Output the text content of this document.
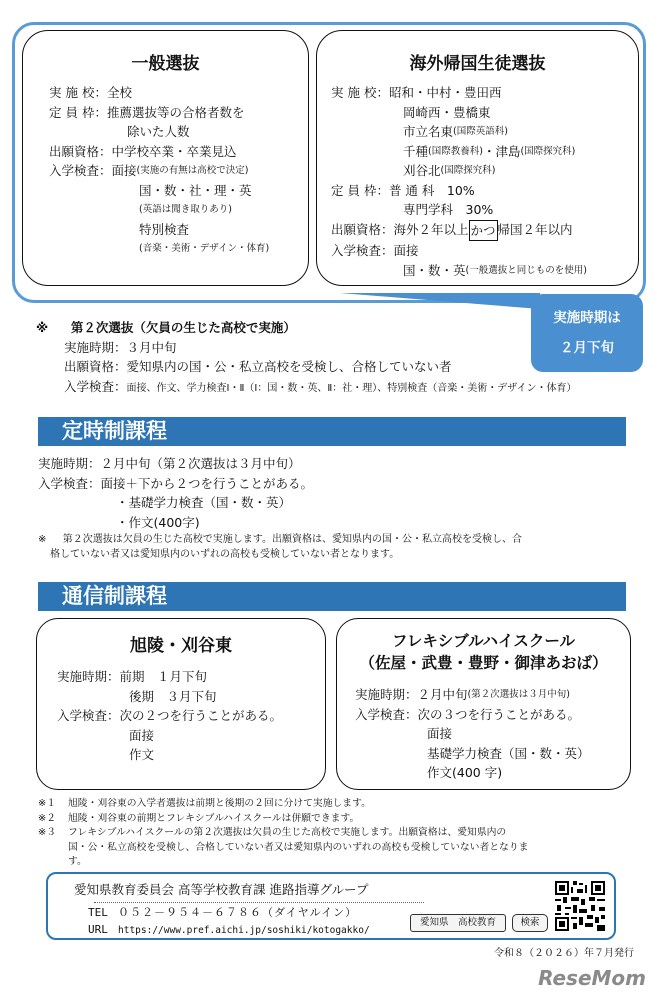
一般選抜
実 施 校： 全校
定 員 枠： 推薦選抜等の合格者数を
除いた人数
出願資格： 中学校卒業・卒業見込
入学検査： 面接 (実施の有無は高校で決定)
国・数・社・理・英
(英語は聞き取りあり)
特別検査
(音楽・美術・デザイン・体育)
海外帰国生徒選抜
実 施 校： 昭和・中村・豊田西
岡崎西・豊橋東
市立名東 (国際英語科)
千種 (国際教養科) ・津島 (国際探究科)
刈谷北 (国際探究科)
定 員 枠： 普 通 科　10%
専門学科　30%
出願資格： 海外２年以上 かつ 帰国２年以内
入学検査： 面接
国・数・英 (一般選抜と同じものを使用)
実施時期は
２月下旬
※ 第２次選抜（欠員の生じた高校で実施）
実施時期：３月中旬
出願資格：愛知県内の国・公・私立高校を受検し、合格していない者
入学検査：面接、作文、学力検査Ⅰ・Ⅱ（Ⅰ：国・数・英、Ⅱ：社・理）、特別検査（音楽・美術・デザイン・体育）
定時制課程
実施時期：２月中旬（第２次選抜は３月中旬）
入学検査：面接＋下から２つを行うことがある。
・基礎学力検査（国・数・英）
・作文(400字)
※ 第２次選抜は欠員の生じた高校で実施します。出願資格は、愛知県内の国・公・私立高校を受検し、合
格していない者又は愛知県内のいずれの高校も受検していない者となります。
通信制課程
旭陵・刈谷東
実施時期： 前期　１月下旬
後期　３月下旬
入学検査： 次の２つを行うことがある。
面接
作文
フレキシブルハイスクール
（佐屋・武豊・豊野・御津あおば）
実施時期： ２月中旬 (第２次選抜は３月中旬)
入学検査： 次の３つを行うことがある。
面接
基礎学力検査（国・数・英）
作文(400 字)
※１ 旭陵・刈谷東の入学者選抜は前期と後期の２回に分けて実施します。
※２ 旭陵・刈谷東の前期とフレキシブルハイスクールは併願できます。
※３ フレキシブルハイスクールの第２次選抜は欠員の生じた高校で実施します。出願資格は、愛知県内の
国・公・私立高校を受検し、合格していない者又は愛知県内のいずれの高校も受検していない者となりま
す。
愛知県教育委員会 高等学校教育課 進路指導グループ
TEL ０５２－９５４－６７８６（ダイヤルイン）
URL https://www.pref.aichi.jp/soshiki/kotogakko/
愛知県　高校教育	検索
令和８（２０２６）年７月発行
ReseMom
